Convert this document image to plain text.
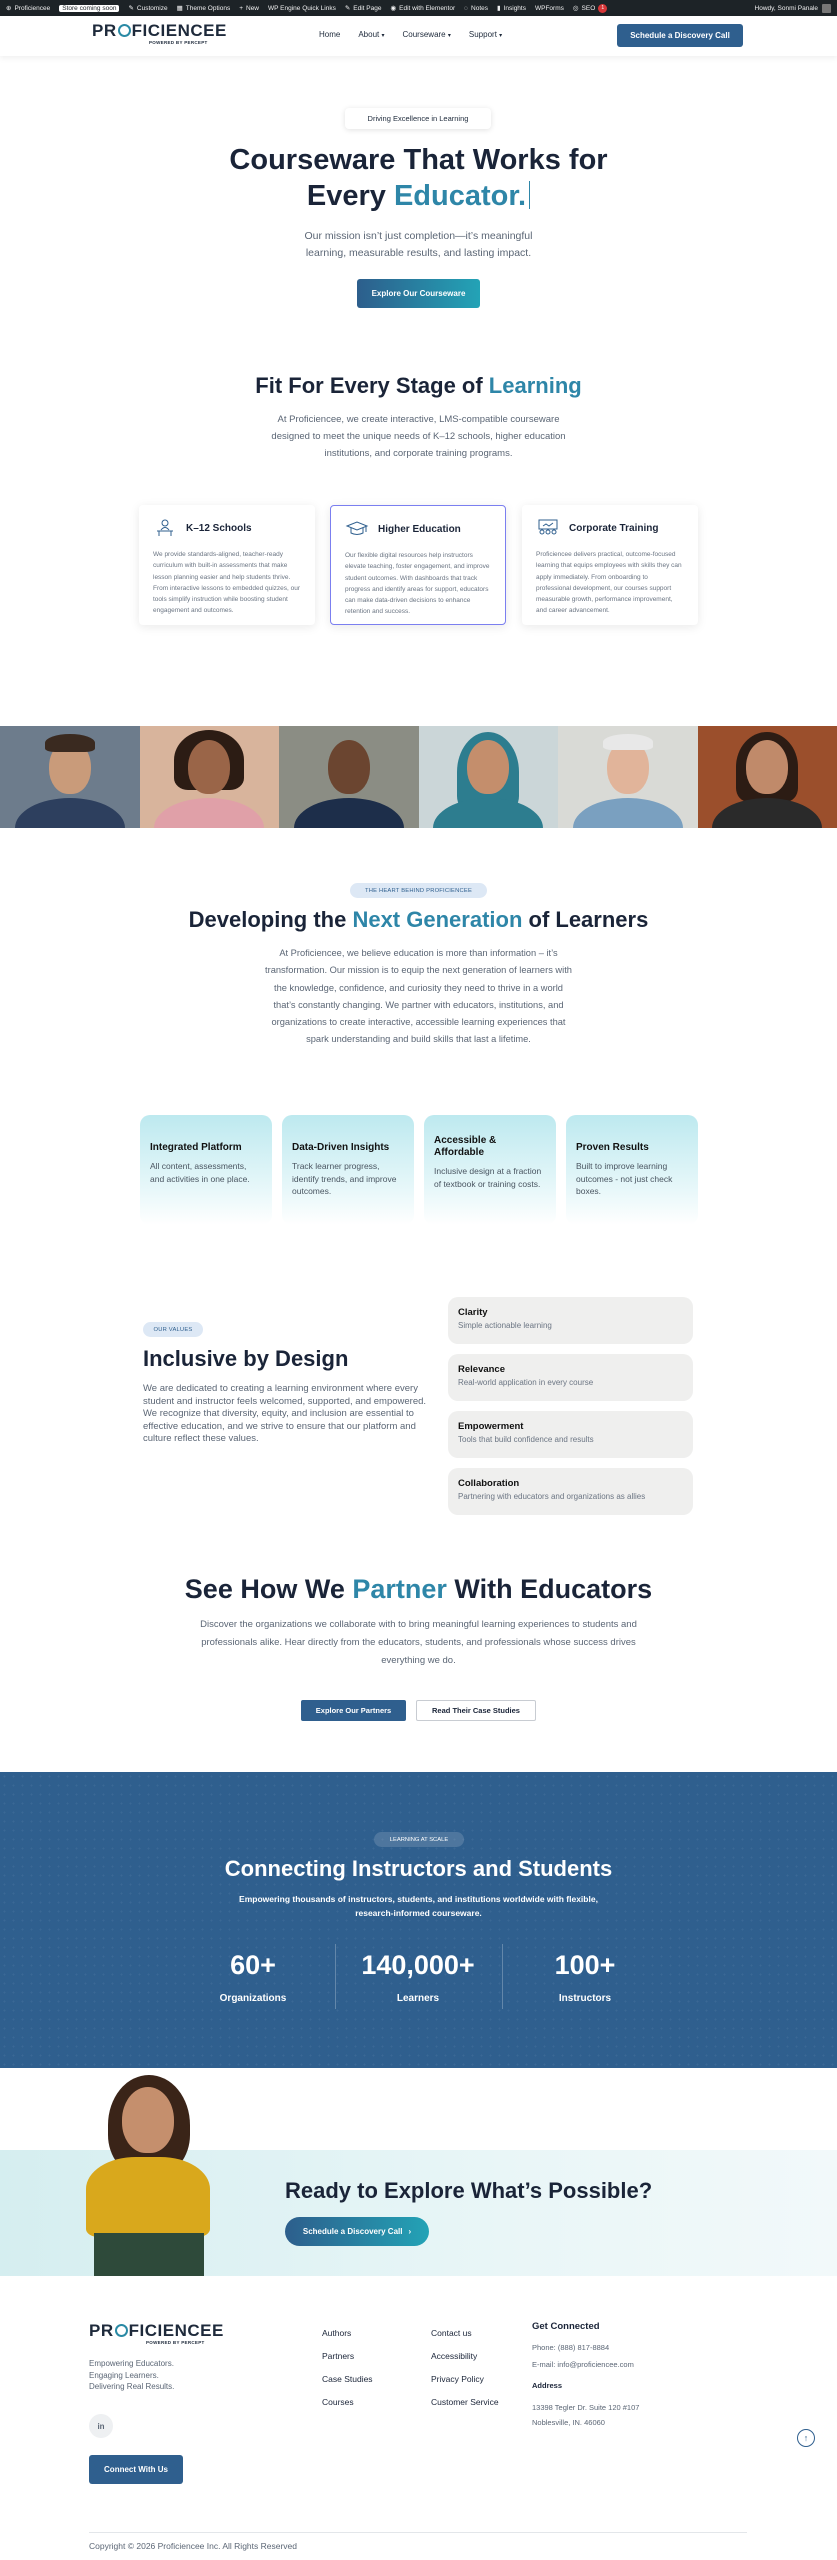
⊕ Proficiencee	Store coming soon	✎ Customize ▦ Theme Options + New WP Engine Quick Links ✎ Edit Page ◉ Edit with Elementor ◌ Notes ▮ Insights WPForms ◎ SEO	1	Howdy, Sonmi Panale
PR FICIENCEE
POWERED BY PERCEPT
Home About ▾ Courseware ▾ Support ▾	Schedule a Discovery Call
Driving Excellence in Learning
Courseware That Works for
Every Educator.
Our mission isn’t just completion—it’s meaningful learning, measurable results, and lasting impact.
Explore Our Courseware
Fit For Every Stage of Learning
At Proficiencee, we create interactive, LMS-compatible courseware designed to meet the unique needs of K–12 schools, higher education institutions, and corporate training programs.
K–12 Schools
We provide standards-aligned, teacher-ready curriculum with built-in assessments that make lesson planning easier and help students thrive. From interactive lessons to embedded quizzes, our tools simplify instruction while boosting student engagement and outcomes.
Higher Education
Our flexible digital resources help instructors elevate teaching, foster engagement, and improve student outcomes. With dashboards that track progress and identify areas for support, educators can make data-driven decisions to enhance retention and success.
Corporate Training
Proficiencee delivers practical, outcome-focused learning that equips employees with skills they can apply immediately. From onboarding to professional development, our courses support measurable growth, performance improvement, and career advancement.
THE HEART BEHIND PROFICIENCEE
Developing the Next Generation of Learners
At Proficiencee, we believe education is more than information – it’s transformation. Our mission is to equip the next generation of learners with the knowledge, confidence, and curiosity they need to thrive in a world that’s constantly changing. We partner with educators, institutions, and organizations to create interactive, accessible learning experiences that spark understanding and build skills that last a lifetime.
Integrated Platform
All content, assessments, and activities in one place.
Data-Driven Insights
Track learner progress, identify trends, and improve outcomes.
Accessible & Affordable
Inclusive design at a fraction of textbook or training costs.
Proven Results
Built to improve learning outcomes - not just check boxes.
OUR VALUES
Inclusive by Design
We are dedicated to creating a learning environment where every student and instructor feels welcomed, supported, and empowered. We recognize that diversity, equity, and inclusion are essential to effective education, and we strive to ensure that our platform and culture reflect these values.
Clarity
Simple actionable learning
Relevance
Real-world application in every course
Empowerment
Tools that build confidence and results
Collaboration
Partnering with educators and organizations as allies
See How We Partner With Educators
Discover the organizations we collaborate with to bring meaningful learning experiences to students and professionals alike. Hear directly from the educators, students, and professionals whose success drives everything we do.
Explore Our Partners	Read Their Case Studies
LEARNING AT SCALE
Connecting Instructors and Students
Empowering thousands of instructors, students, and institutions worldwide with flexible, research-informed courseware.
60+
Organizations
140,000+
Learners
100+
Instructors
Ready to Explore What’s Possible?
Schedule a Discovery Call ›
PR FICIENCEE
POWERED BY PERCEPT
Empowering Educators.
Engaging Learners.
Delivering Real Results.
in
Connect With Us
Authors
Partners
Case Studies
Courses
Contact us
Accessibility
Privacy Policy
Customer Service
Get Connected
Phone: (888) 817-8884
E-mail: info@proficiencee.com
Address
13398 Tegler Dr. Suite 120 #107
Noblesville, IN. 46060
↑
Copyright © 2026 Proficiencee Inc. All Rights Reserved
